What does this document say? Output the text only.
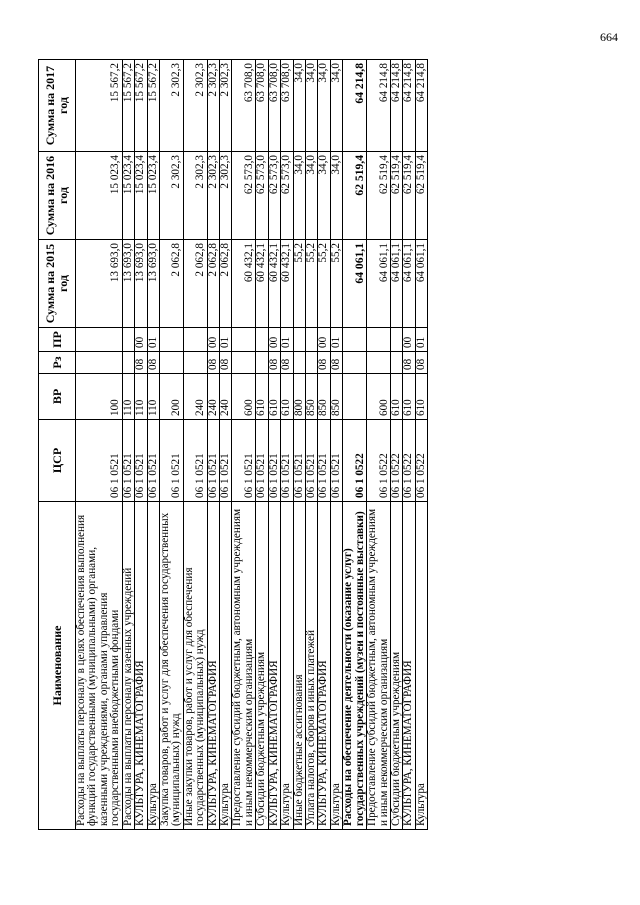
664
Наименование	ЦСР	ВР	Рз	ПР	Сумма на 2015 год	Сумма на 2016 год	Сумма на 2017 год
Расходы на выплаты персоналу в целях обеспечения выполнения функций государственными (муниципальными) органами, казенными учреждениями, органами управления государственными внебюджетными фондами	06 1 0521	100			13 693,0	15 023,4	15 567,2
Расходы на выплаты персоналу казенных учреждений	06 1 0521	110			13 693,0	15 023,4	15 567,2
КУЛЬТУРА, КИНЕМАТОГРАФИЯ	06 1 0521	110	08	00	13 693,0	15 023,4	15 567,2
Культура	06 1 0521	110	08	01	13 693,0	15 023,4	15 567,2
Закупка товаров, работ и услуг для обеспечения государственных (муниципальных) нужд	06 1 0521	200			2 062,8	2 302,3	2 302,3
Иные закупки товаров, работ и услуг для обеспечения государственных (муниципальных) нужд	06 1 0521	240			2 062,8	2 302,3	2 302,3
КУЛЬТУРА, КИНЕМАТОГРАФИЯ	06 1 0521	240	08	00	2 062,8	2 302,3	2 302,3
Культура	06 1 0521	240	08	01	2 062,8	2 302,3	2 302,3
Предоставление субсидий бюджетным, автономным учреждениям и иным некоммерческим организациям	06 1 0521	600			60 432,1	62 573,0	63 708,0
Субсидии бюджетным учреждениям	06 1 0521	610			60 432,1	62 573,0	63 708,0
КУЛЬТУРА, КИНЕМАТОГРАФИЯ	06 1 0521	610	08	00	60 432,1	62 573,0	63 708,0
Культура	06 1 0521	610	08	01	60 432,1	62 573,0	63 708,0
Иные бюджетные ассигнования	06 1 0521	800			55,2	34,0	34,0
Уплата налогов, сборов и иных платежей	06 1 0521	850			55,2	34,0	34,0
КУЛЬТУРА, КИНЕМАТОГРАФИЯ	06 1 0521	850	08	00	55,2	34,0	34,0
Культура	06 1 0521	850	08	01	55,2	34,0	34,0
Расходы на обеспечение деятельности (оказание услуг) государственных учреждений (музеи и постоянные выставки)	06 1 0522				64 061,1	62 519,4	64 214,8
Предоставление субсидий бюджетным, автономным учреждениям и иным некоммерческим организациям	06 1 0522	600			64 061,1	62 519,4	64 214,8
Субсидии бюджетным учреждениям	06 1 0522	610			64 061,1	62 519,4	64 214,8
КУЛЬТУРА, КИНЕМАТОГРАФИЯ	06 1 0522	610	08	00	64 061,1	62 519,4	64 214,8
Культура	06 1 0522	610	08	01	64 061,1	62 519,4	64 214,8
